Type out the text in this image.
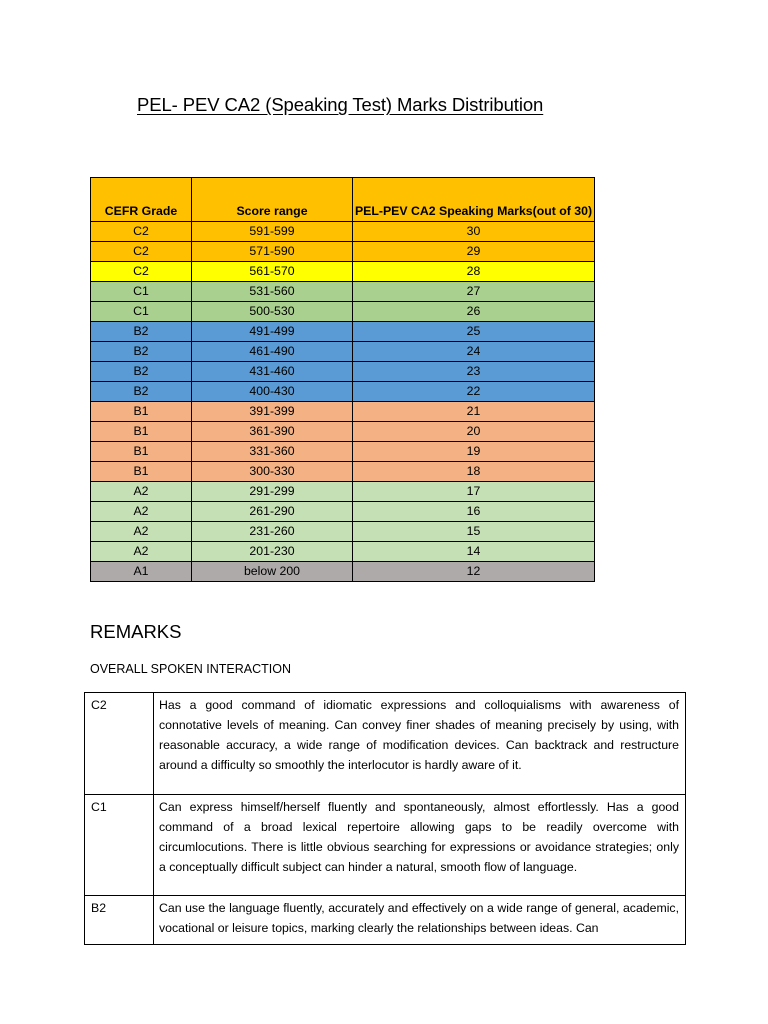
PEL- PEV CA2 (Speaking Test) Marks Distribution
CEFR Grade	Score range	PEL-PEV CA2 Speaking Marks(out of 30)
C2	591-599	30
C2	571-590	29
C2	561-570	28
C1	531-560	27
C1	500-530	26
B2	491-499	25
B2	461-490	24
B2	431-460	23
B2	400-430	22
B1	391-399	21
B1	361-390	20
B1	331-360	19
B1	300-330	18
A2	291-299	17
A2	261-290	16
A2	231-260	15
A2	201-230	14
A1	below 200	12
REMARKS
OVERALL SPOKEN INTERACTION
C2	Has a good command of idiomatic expressions and colloquialisms with awareness of connotative levels of meaning. Can convey finer shades of meaning precisely by using, with reasonable accuracy, a wide range of modification devices. Can backtrack and restructure around a difficulty so smoothly the interlocutor is hardly aware of it.
C1	Can express himself/herself fluently and spontaneously, almost effortlessly. Has a good command of a broad lexical repertoire allowing gaps to be readily overcome with circumlocutions. There is little obvious searching for expressions or avoidance strategies; only a conceptually difficult subject can hinder a natural, smooth flow of language.
B2	Can use the language fluently, accurately and effectively on a wide range of general, academic, vocational or leisure topics, marking clearly the relationships between ideas. Can
